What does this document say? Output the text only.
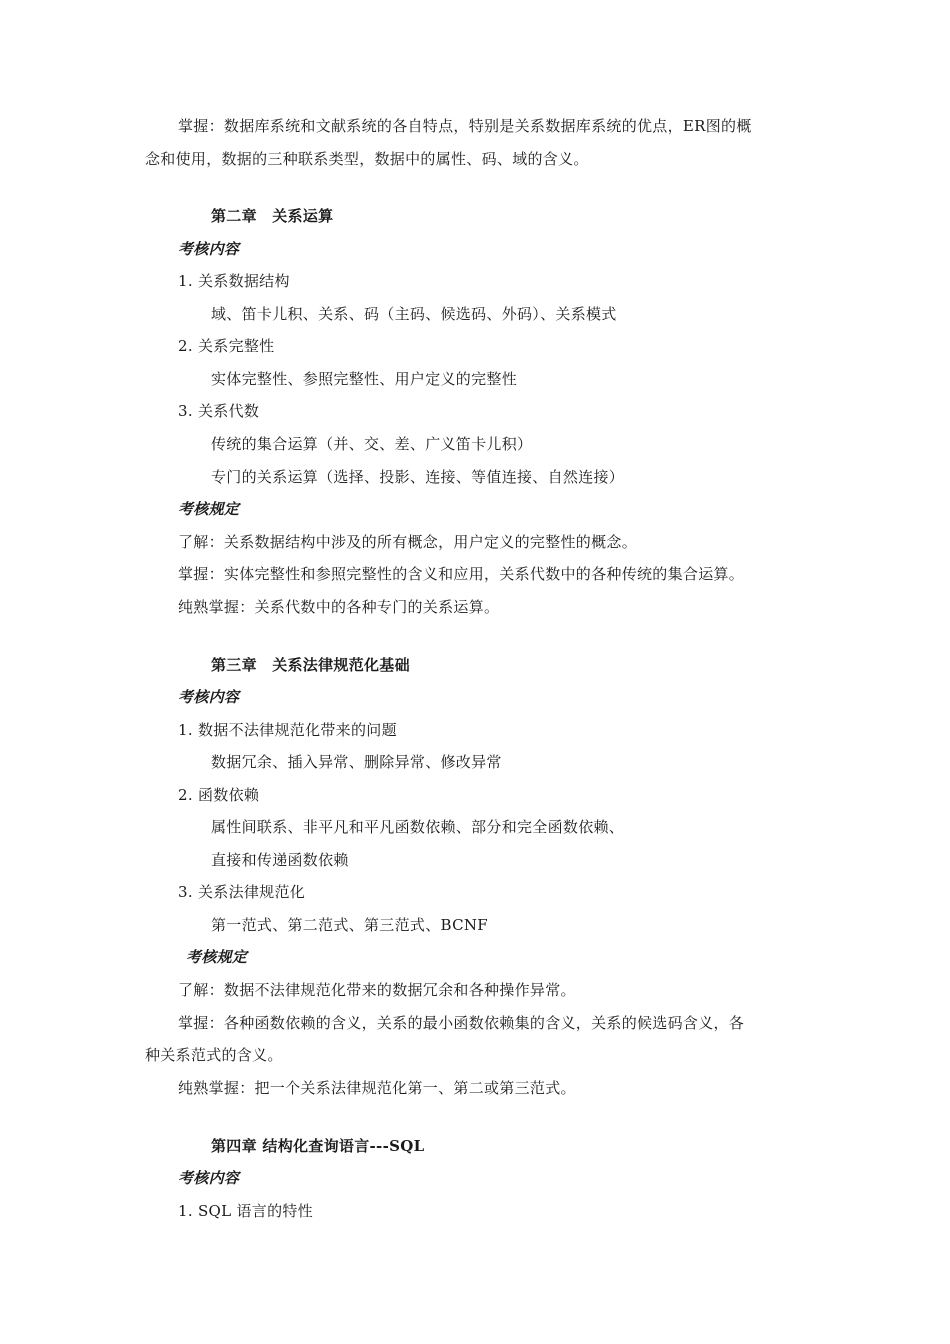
掌握：数据库系统和文献系统的各自特点，特别是关系数据库系统的优点，ER图的概
念和使用，数据的三种联系类型，数据中的属性、码、域的含义。
第二章　关系运算
考核内容
1. 关系数据结构
域、笛卡儿积、关系、码（主码、候选码、外码）、关系模式
2. 关系完整性
实体完整性、参照完整性、用户定义的完整性
3. 关系代数
传统的集合运算（并、交、差、广义笛卡儿积）
专门的关系运算（选择、投影、连接、等值连接、自然连接）
考核规定
了解：关系数据结构中涉及的所有概念，用户定义的完整性的概念。
掌握：实体完整性和参照完整性的含义和应用，关系代数中的各种传统的集合运算。
纯熟掌握：关系代数中的各种专门的关系运算。
第三章　关系法律规范化基础
考核内容
1. 数据不法律规范化带来的问题
数据冗余、插入异常、删除异常、修改异常
2. 函数依赖
属性间联系、非平凡和平凡函数依赖、部分和完全函数依赖、
直接和传递函数依赖
3. 关系法律规范化
第一范式、第二范式、第三范式、BCNF
考核规定
了解：数据不法律规范化带来的数据冗余和各种操作异常。
掌握：各种函数依赖的含义，关系的最小函数依赖集的含义，关系的候选码含义，各
种关系范式的含义。
纯熟掌握：把一个关系法律规范化第一、第二或第三范式。
第四章 结构化查询语言---SQL
考核内容
1. SQL 语言的特性
